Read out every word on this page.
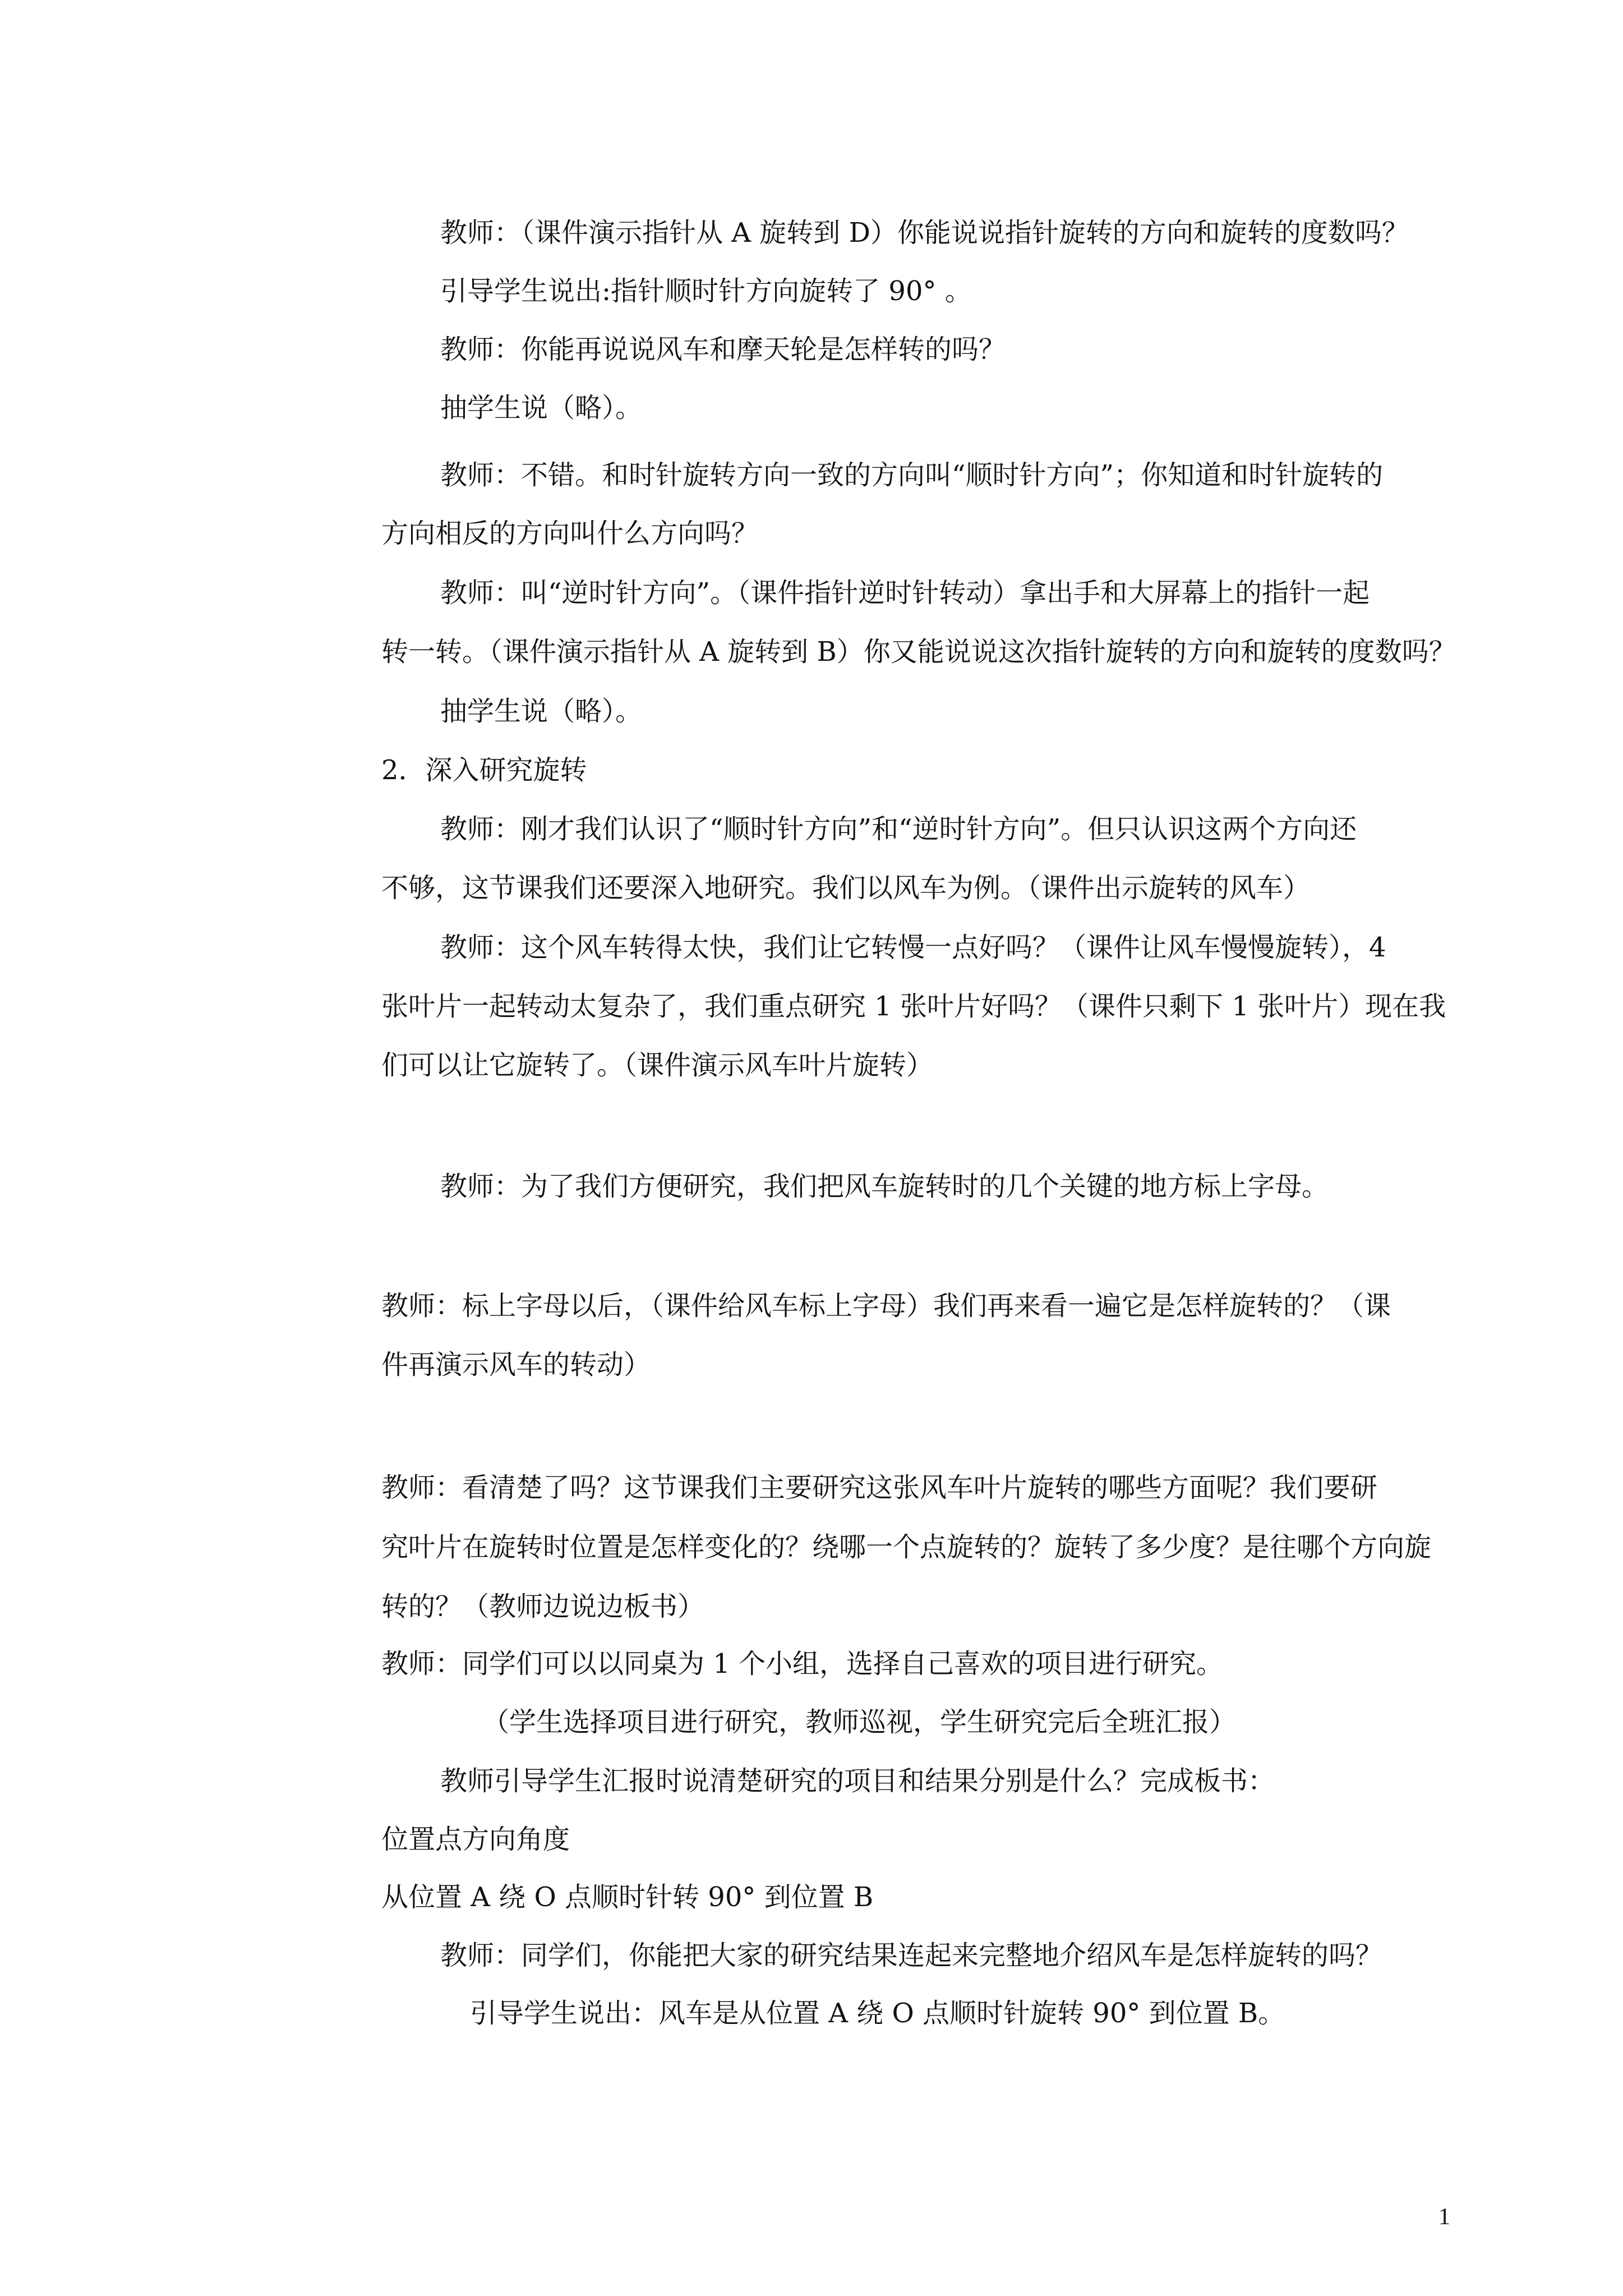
教师：（课件演示指针从 A 旋转到 D）你能说说指针旋转的方向和旋转的度数吗？
引导学生说出:指针顺时针方向旋转了 90° 。
教师：你能再说说风车和摩天轮是怎样转的吗？
抽学生说（略）。
教师：不错。和时针旋转方向一致的方向叫“顺时针方向”；你知道和时针旋转的
方向相反的方向叫什么方向吗？
教师：叫“逆时针方向”。（课件指针逆时针转动）拿出手和大屏幕上的指针一起
转一转。（课件演示指针从 A 旋转到 B）你又能说说这次指针旋转的方向和旋转的度数吗？
抽学生说（略）。
2．深入研究旋转
教师：刚才我们认识了“顺时针方向”和“逆时针方向”。但只认识这两个方向还
不够，这节课我们还要深入地研究。我们以风车为例。（课件出示旋转的风车）
教师：这个风车转得太快，我们让它转慢一点好吗？（课件让风车慢慢旋转），4
张叶片一起转动太复杂了，我们重点研究 1 张叶片好吗？（课件只剩下 1 张叶片）现在我
们可以让它旋转了。（课件演示风车叶片旋转）
教师：为了我们方便研究，我们把风车旋转时的几个关键的地方标上字母。
教师：标上字母以后，（课件给风车标上字母）我们再来看一遍它是怎样旋转的？（课
件再演示风车的转动）
教师：看清楚了吗？这节课我们主要研究这张风车叶片旋转的哪些方面呢？我们要研
究叶片在旋转时位置是怎样变化的？绕哪一个点旋转的？旋转了多少度？是往哪个方向旋
转的？（教师边说边板书）
教师：同学们可以以同桌为 1 个小组，选择自己喜欢的项目进行研究。
（学生选择项目进行研究，教师巡视，学生研究完后全班汇报）
教师引导学生汇报时说清楚研究的项目和结果分别是什么？完成板书：
位置点方向角度
从位置 A 绕 O 点顺时针转 90° 到位置 B
教师：同学们，你能把大家的研究结果连起来完整地介绍风车是怎样旋转的吗？
引导学生说出：风车是从位置 A 绕 O 点顺时针旋转 90° 到位置 B。
1
